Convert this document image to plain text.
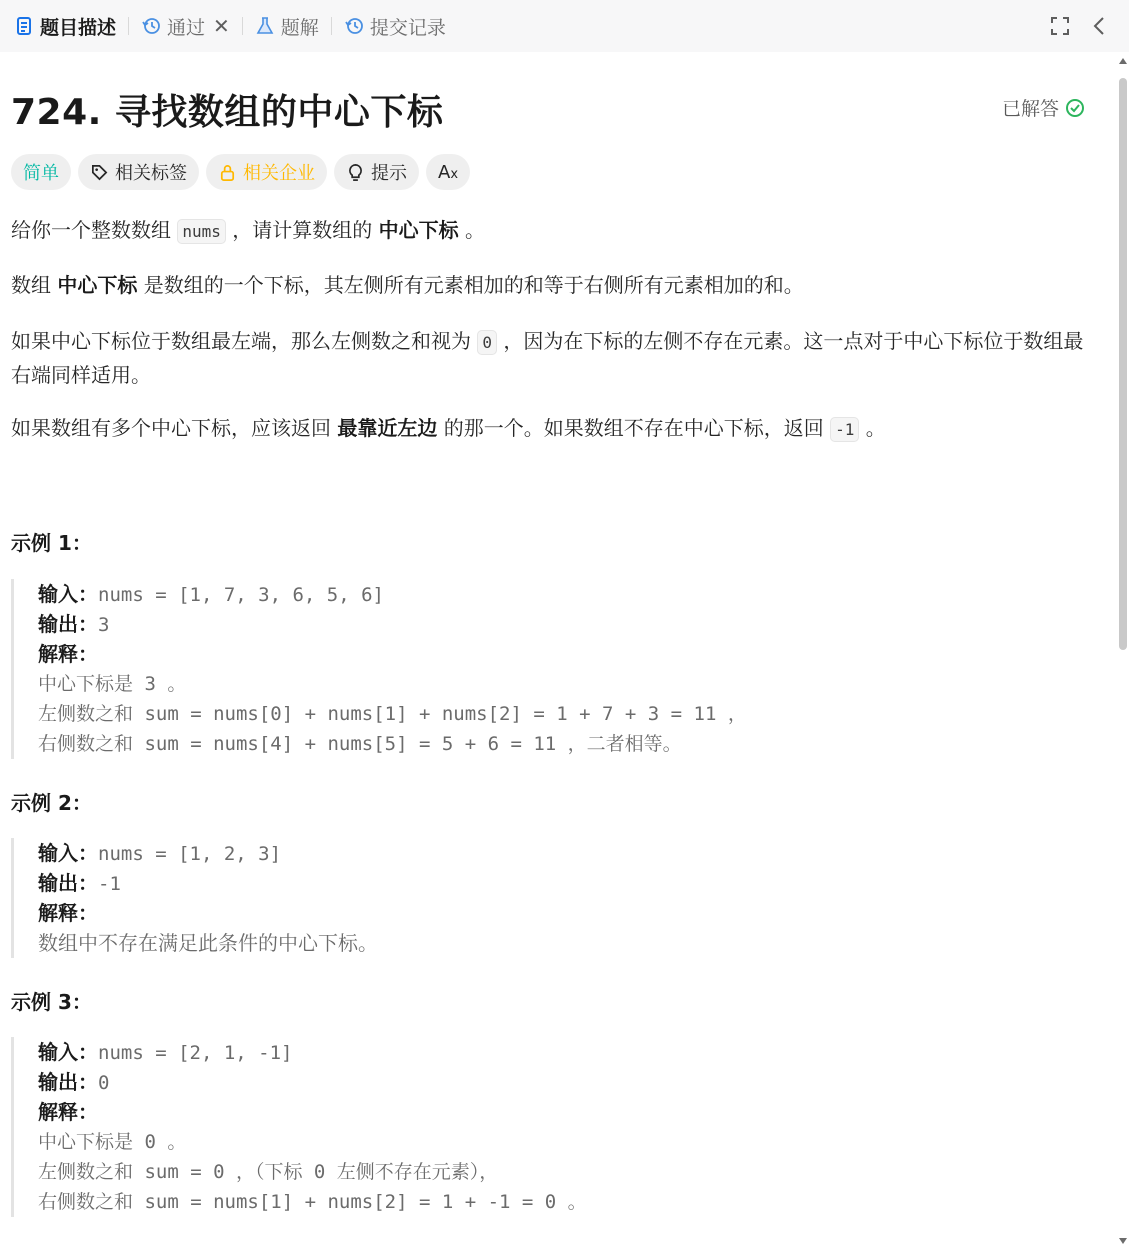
题目描述	通过 ✕	题解	提交记录
724. 寻找数组的中心下标	已解答
简单	相关标签	相关企业	提示 Ax
给你一个整数数组 nums ，请计算数组的 中心下标 。
数组 中心下标 是数组的一个下标，其左侧所有元素相加的和等于右侧所有元素相加的和。
如果中心下标位于数组最左端，那么左侧数之和视为 0 ，因为在下标的左侧不存在元素。这一点对于中心下标位于数组最右端同样适用。
如果数组有多个中心下标，应该返回 最靠近左边 的那一个。如果数组不存在中心下标，返回 -1 。
示例 1：
输入：nums = [1, 7, 3, 6, 5, 6]
输出：3
解释：
中心下标是 3 。
左侧数之和 sum = nums[0] + nums[1] + nums[2] = 1 + 7 + 3 = 11 ，
右侧数之和 sum = nums[4] + nums[5] = 5 + 6 = 11 ，二者相等。
示例 2：
输入：nums = [1, 2, 3]
输出：-1
解释：
数组中不存在满足此条件的中心下标。
示例 3：
输入：nums = [2, 1, -1]
输出：0
解释：
中心下标是 0 。
左侧数之和 sum = 0 ，（下标 0 左侧不存在元素），
右侧数之和 sum = nums[1] + nums[2] = 1 + -1 = 0 。
